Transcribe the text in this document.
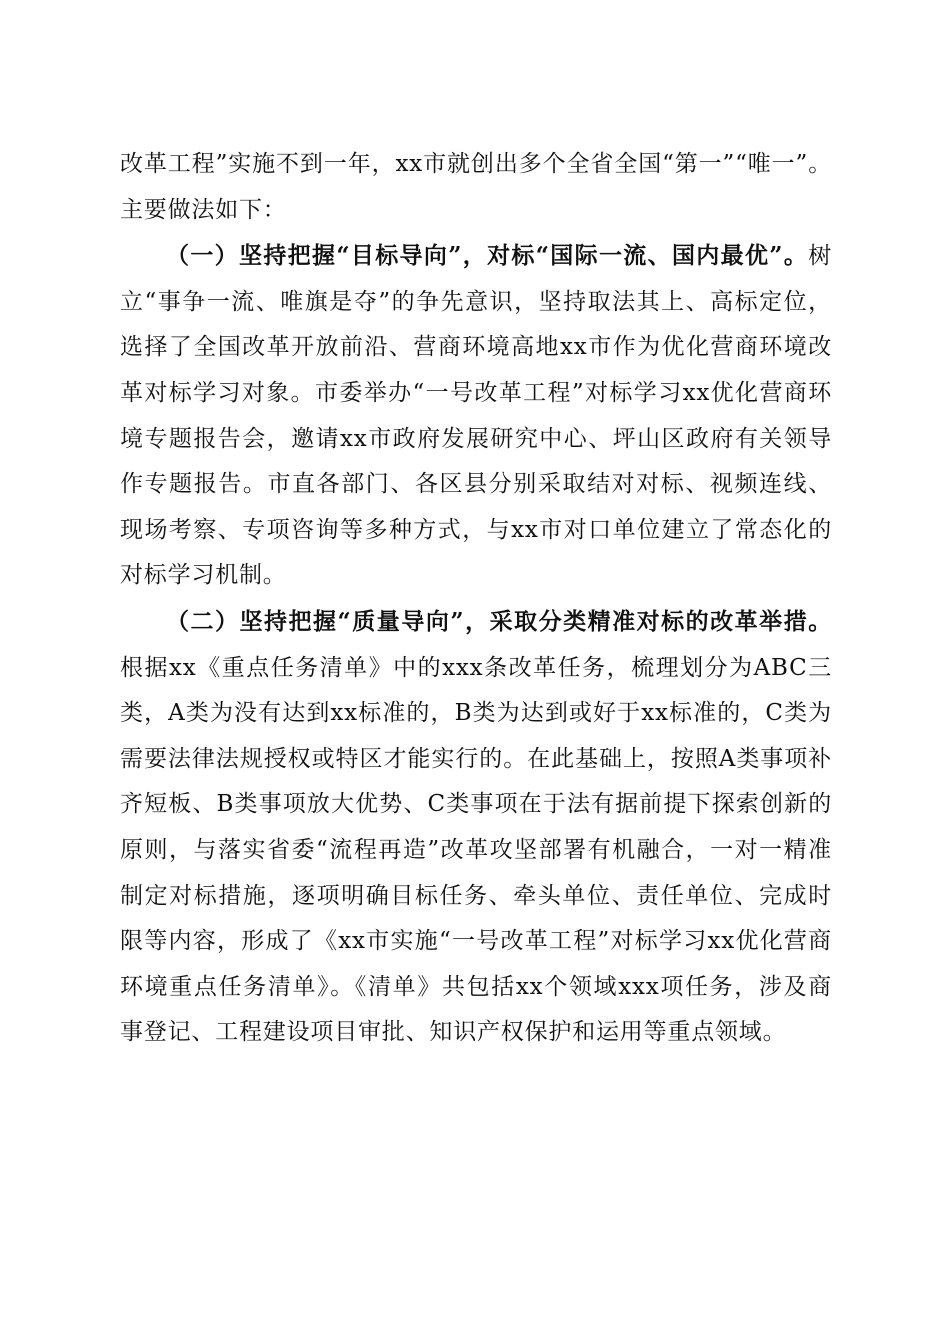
改革工程”实施不到一年，xx市就创出多个全省全国“第一”“唯一”。主要做法如下：

（一）坚持把握“目标导向”，对标“国际一流、国内最优”。树立“事争一流、唯旗是夺”的争先意识，坚持取法其上、高标定位，选择了全国改革开放前沿、营商环境高地xx市作为优化营商环境改革对标学习对象。市委举办“一号改革工程”对标学习xx优化营商环境专题报告会，邀请xx市政府发展研究中心、坪山区政府有关领导作专题报告。市直各部门、各区县分别采取结对对标、视频连线、现场考察、专项咨询等多种方式，与xx市对口单位建立了常态化的对标学习机制。

（二）坚持把握“质量导向”，采取分类精准对标的改革举措。根据xx《重点任务清单》中的xxx条改革任务，梳理划分为ABC三类，A类为没有达到xx标准的，B类为达到或好于xx标准的，C类为需要法律法规授权或特区才能实行的。在此基础上，按照A类事项补齐短板、B类事项放大优势、C类事项在于法有据前提下探索创新的原则，与落实省委“流程再造”改革攻坚部署有机融合，一对一精准制定对标措施，逐项明确目标任务、牵头单位、责任单位、完成时限等内容，形成了《xx市实施“一号改革工程”对标学习xx优化营商环境重点任务清单》。《清单》共包括xx个领域xxx项任务，涉及商事登记、工程建设项目审批、知识产权保护和运用等重点领域。
